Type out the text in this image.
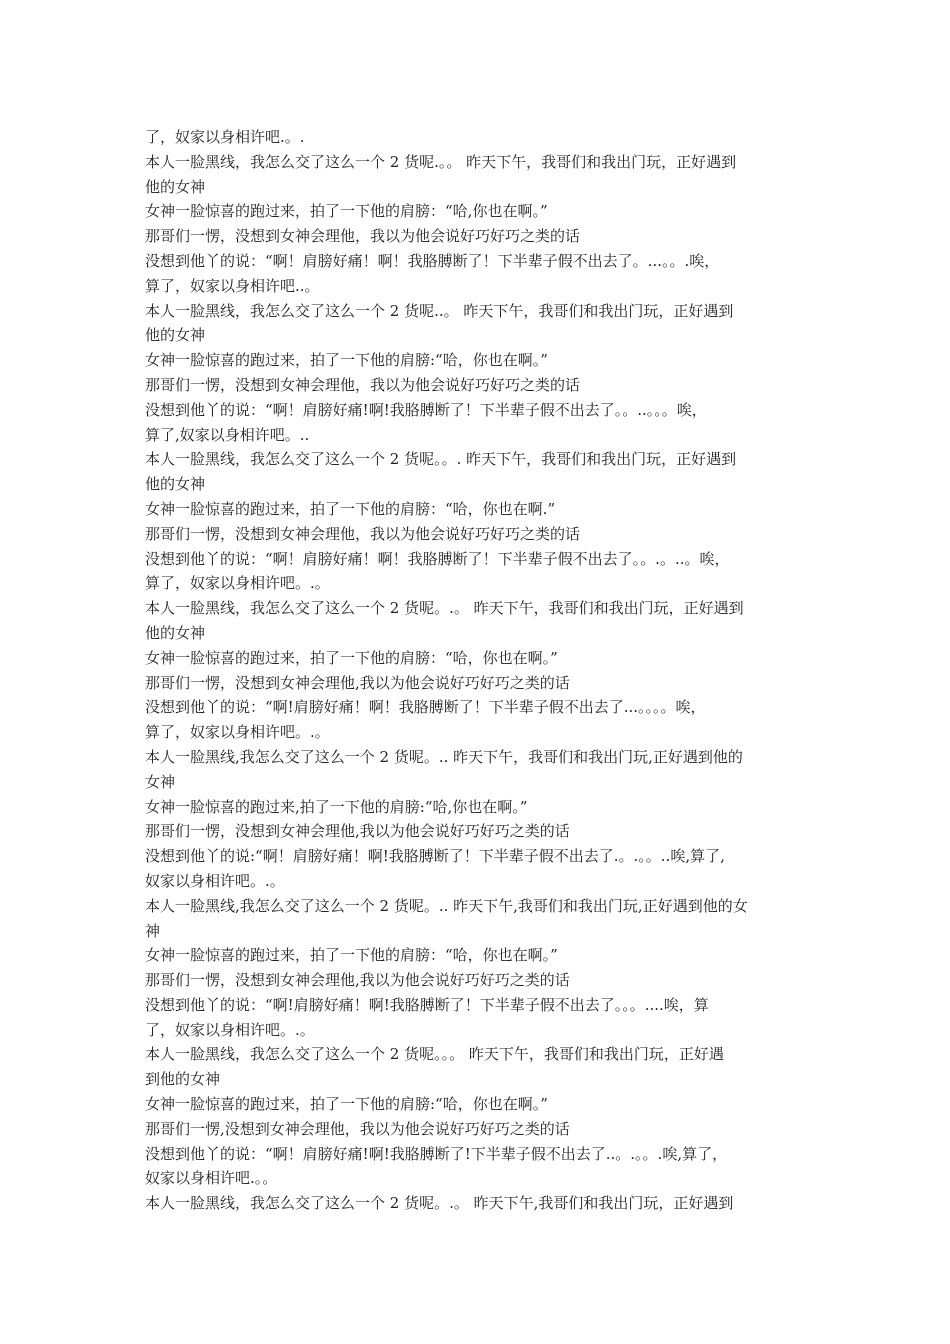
了，奴家以身相许吧.。.
本人一脸黑线，我怎么交了这么一个 2 货呢.。。 昨天下午，我哥们和我出门玩，正好遇到
他的女神
女神一脸惊喜的跑过来，拍了一下他的肩膀：“哈,你也在啊。”
那哥们一愣，没想到女神会理他，我以为他会说好巧好巧之类的话
没想到他丫的说：“啊！肩膀好痛！啊！我胳膊断了！下半辈子假不出去了。...。。.唉，
算了，奴家以身相许吧..。
本人一脸黑线，我怎么交了这么一个 2 货呢..。 昨天下午，我哥们和我出门玩，正好遇到
他的女神
女神一脸惊喜的跑过来，拍了一下他的肩膀:“哈，你也在啊。”
那哥们一愣，没想到女神会理他，我以为他会说好巧好巧之类的话
没想到他丫的说：“啊！肩膀好痛!啊!我胳膊断了！下半辈子假不出去了。。..。。。唉，
算了,奴家以身相许吧。..
本人一脸黑线，我怎么交了这么一个 2 货呢。。. 昨天下午，我哥们和我出门玩，正好遇到
他的女神
女神一脸惊喜的跑过来，拍了一下他的肩膀：“哈，你也在啊.”
那哥们一愣，没想到女神会理他，我以为他会说好巧好巧之类的话
没想到他丫的说：“啊！肩膀好痛！啊！我胳膊断了！下半辈子假不出去了。。.。..。唉，
算了，奴家以身相许吧。.。
本人一脸黑线，我怎么交了这么一个 2 货呢。.。 昨天下午，我哥们和我出门玩，正好遇到
他的女神
女神一脸惊喜的跑过来，拍了一下他的肩膀：“哈，你也在啊。”
那哥们一愣，没想到女神会理他,我以为他会说好巧好巧之类的话
没想到他丫的说：“啊!肩膀好痛！啊！我胳膊断了！下半辈子假不出去了...。。。。唉，
算了，奴家以身相许吧。.。
本人一脸黑线,我怎么交了这么一个 2 货呢。.. 昨天下午，我哥们和我出门玩,正好遇到他的
女神
女神一脸惊喜的跑过来,拍了一下他的肩膀:“哈,你也在啊。”
那哥们一愣，没想到女神会理他,我以为他会说好巧好巧之类的话
没想到他丫的说:“啊！肩膀好痛！啊!我胳膊断了！下半辈子假不出去了.。.。。..唉,算了,
奴家以身相许吧。.。
本人一脸黑线,我怎么交了这么一个 2 货呢。.. 昨天下午,我哥们和我出门玩,正好遇到他的女
神
女神一脸惊喜的跑过来，拍了一下他的肩膀：“哈，你也在啊。”
那哥们一愣，没想到女神会理他,我以为他会说好巧好巧之类的话
没想到他丫的说：“啊!肩膀好痛！啊!我胳膊断了！下半辈子假不出去了。。。....唉，算
了，奴家以身相许吧。.。
本人一脸黑线，我怎么交了这么一个 2 货呢。。。 昨天下午，我哥们和我出门玩，正好遇
到他的女神
女神一脸惊喜的跑过来，拍了一下他的肩膀:“哈，你也在啊。”
那哥们一愣,没想到女神会理他，我以为他会说好巧好巧之类的话
没想到他丫的说：“啊！肩膀好痛!啊!我胳膊断了!下半辈子假不出去了..。.。。.唉,算了，
奴家以身相许吧.。。
本人一脸黑线，我怎么交了这么一个 2 货呢。.。 昨天下午,我哥们和我出门玩，正好遇到
